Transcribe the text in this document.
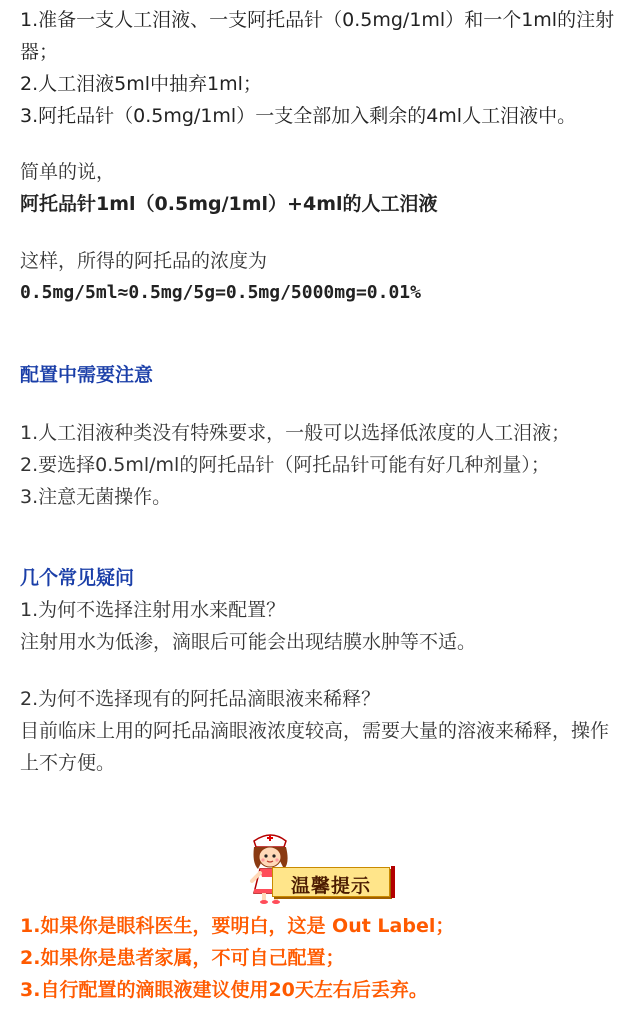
1.准备一支人工泪液、一支阿托品针（0.5mg/1ml）和一个1ml的注射器；
2.人工泪液5ml中抽弃1ml；
3.阿托品针（0.5mg/1ml）一支全部加入剩余的4ml人工泪液中。
简单的说，
阿托品针1ml（0.5mg/1ml）+4ml的人工泪液
这样，所得的阿托品的浓度为
0.5mg/5ml≈0.5mg/5g=0.5mg/5000mg=0.01%
配置中需要注意
1.人工泪液种类没有特殊要求，一般可以选择低浓度的人工泪液；
2.要选择0.5ml/ml的阿托品针（阿托品针可能有好几种剂量）；
3.注意无菌操作。
几个常见疑问
1.为何不选择注射用水来配置？
注射用水为低渗，滴眼后可能会出现结膜水肿等不适。
2.为何不选择现有的阿托品滴眼液来稀释？
目前临床上用的阿托品滴眼液浓度较高，需要大量的溶液来稀释，操作上不方便。
温馨提示
1.如果你是眼科医生，要明白，这是 Out Label；
2.如果你是患者家属，不可自己配置；
3.自行配置的滴眼液建议使用20天左右后丢弃。
